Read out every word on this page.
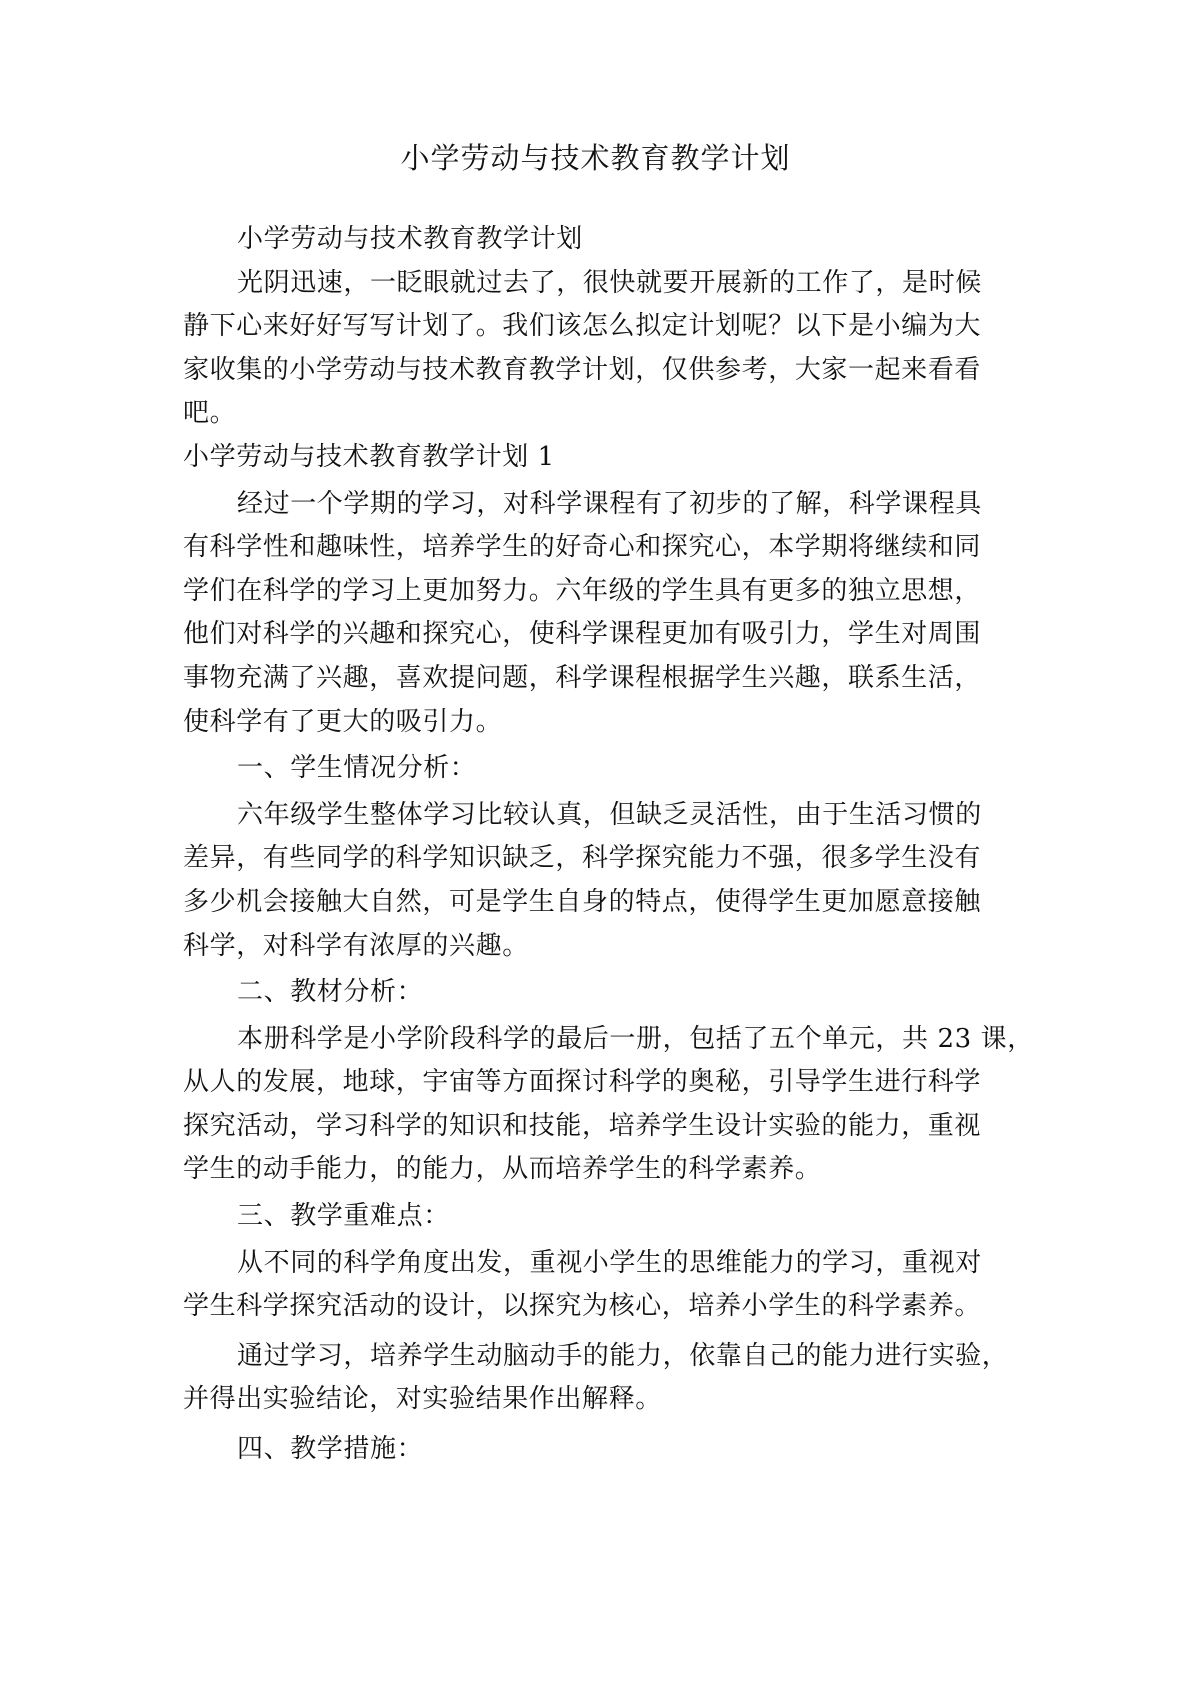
小学劳动与技术教育教学计划
小学劳动与技术教育教学计划
光阴迅速，一眨眼就过去了，很快就要开展新的工作了，是时候
静下心来好好写写计划了。我们该怎么拟定计划呢？以下是小编为大
家收集的小学劳动与技术教育教学计划，仅供参考，大家一起来看看
吧。
小学劳动与技术教育教学计划 1
经过一个学期的学习，对科学课程有了初步的了解，科学课程具
有科学性和趣味性，培养学生的好奇心和探究心，本学期将继续和同
学们在科学的学习上更加努力。六年级的学生具有更多的独立思想，
他们对科学的兴趣和探究心，使科学课程更加有吸引力，学生对周围
事物充满了兴趣，喜欢提问题，科学课程根据学生兴趣，联系生活，
使科学有了更大的吸引力。
一、学生情况分析：
六年级学生整体学习比较认真，但缺乏灵活性，由于生活习惯的
差异，有些同学的科学知识缺乏，科学探究能力不强，很多学生没有
多少机会接触大自然，可是学生自身的特点，使得学生更加愿意接触
科学，对科学有浓厚的兴趣。
二、教材分析：
本册科学是小学阶段科学的最后一册，包括了五个单元，共 23 课，
从人的发展，地球，宇宙等方面探讨科学的奥秘，引导学生进行科学
探究活动，学习科学的知识和技能，培养学生设计实验的能力，重视
学生的动手能力，的能力，从而培养学生的科学素养。
三、教学重难点：
从不同的科学角度出发，重视小学生的思维能力的学习，重视对
学生科学探究活动的设计，以探究为核心，培养小学生的科学素养。
通过学习，培养学生动脑动手的能力，依靠自己的能力进行实验，
并得出实验结论，对实验结果作出解释。
四、教学措施：
